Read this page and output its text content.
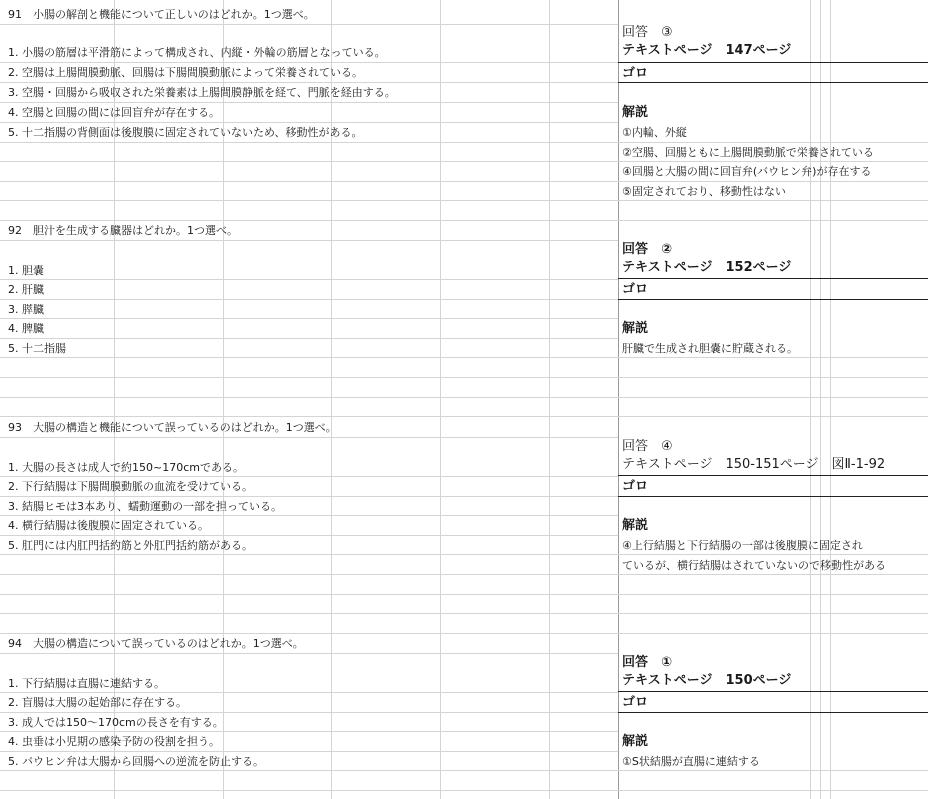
91　小腸の解剖と機能について正しいのはどれか。1つ選べ。
1. 小腸の筋層は平滑筋によって構成され、内縦・外輪の筋層となっている。
2. 空腸は上腸間膜動脈、回腸は下腸間膜動脈によって栄養されている。
3. 空腸・回腸から吸収された栄養素は上腸間膜静脈を経て、門脈を経由する。
4. 空腸と回腸の間には回盲弁が存在する。
5. 十二指腸の背側面は後腹膜に固定されていないため、移動性がある。
回答　③
テキストページ　147ページ
ゴロ
解説
①内輪、外縦
②空腸、回腸ともに上腸間膜動脈で栄養されている
④回腸と大腸の間に回盲弁(バウヒン弁)が存在する
⑤固定されており、移動性はない
92　胆汁を生成する臓器はどれか。1つ選べ。
1. 胆嚢
2. 肝臓
3. 膵臓
4. 脾臓
5. 十二指腸
回答　②
テキストページ　152ページ
ゴロ
解説
肝臓で生成され胆嚢に貯蔵される。
93　大腸の構造と機能について誤っているのはどれか。1つ選べ。
1. 大腸の長さは成人で約150~170cmである。
2. 下行結腸は下腸間膜動脈の血流を受けている。
3. 結腸ヒモは3本あり、蠕動運動の一部を担っている。
4. 横行結腸は後腹膜に固定されている。
5. 肛門には内肛門括約筋と外肛門括約筋がある。
回答　④
テキストページ　150-151ページ　図Ⅱ-1-92
ゴロ
解説
④上行結腸と下行結腸の一部は後腹膜に固定され
ているが、横行結腸はされていないので移動性がある
94　大腸の構造について誤っているのはどれか。1つ選べ。
1. 下行結腸は直腸に連結する。
2. 盲腸は大腸の起始部に存在する。
3. 成人では150～170cmの長さを有する。
4. 虫垂は小児期の感染予防の役割を担う。
5. バウヒン弁は大腸から回腸への逆流を防止する。
回答　①
テキストページ　150ページ
ゴロ
解説
①S状結腸が直腸に連結する
